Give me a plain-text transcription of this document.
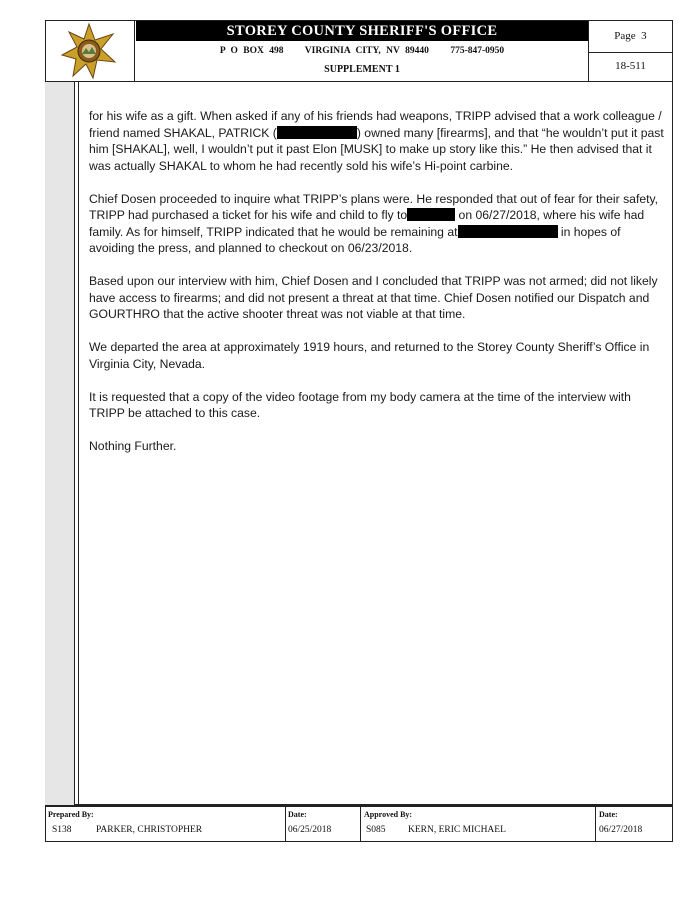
STOREY COUNTY SHERIFF'S OFFICE
P O BOX 498    VIRGINIA CITY, NV 89440    775-847-0950
SUPPLEMENT 1
Page  3
18-511

for his wife as a gift. When asked if any of his friends had weapons, TRIPP advised that a work colleague / friend named SHAKAL, PATRICK (	) owned many [firearms], and that “he wouldn’t put it past him [SHAKAL], well, I wouldn’t put it past Elon [MUSK] to make up story like this.” He then advised that it was actually SHAKAL to whom he had recently sold his wife’s Hi-point carbine.

Chief Dosen proceeded to inquire what TRIPP’s plans were. He responded that out of fear for their safety, TRIPP had purchased a ticket for his wife and child to fly to	on 06/27/2018, where his wife had family. As for himself, TRIPP indicated that he would be remaining at	in hopes of avoiding the press, and planned to checkout on 06/23/2018.

Based upon our interview with him, Chief Dosen and I concluded that TRIPP was not armed; did not likely have access to firearms; and did not present a threat at that time. Chief Dosen notified our Dispatch and GOURTHRO that the active shooter threat was not viable at that time.

We departed the area at approximately 1919 hours, and returned to the Storey County Sheriff’s Office in Virginia City, Nevada.

It is requested that a copy of the video footage from my body camera at the time of the interview with TRIPP be attached to this case.

Nothing Further.

Prepared By:
S138	PARKER, CHRISTOPHER
Date:
06/25/2018
Approved By:
S085 KERN, ERIC MICHAEL
Date:
06/27/2018
